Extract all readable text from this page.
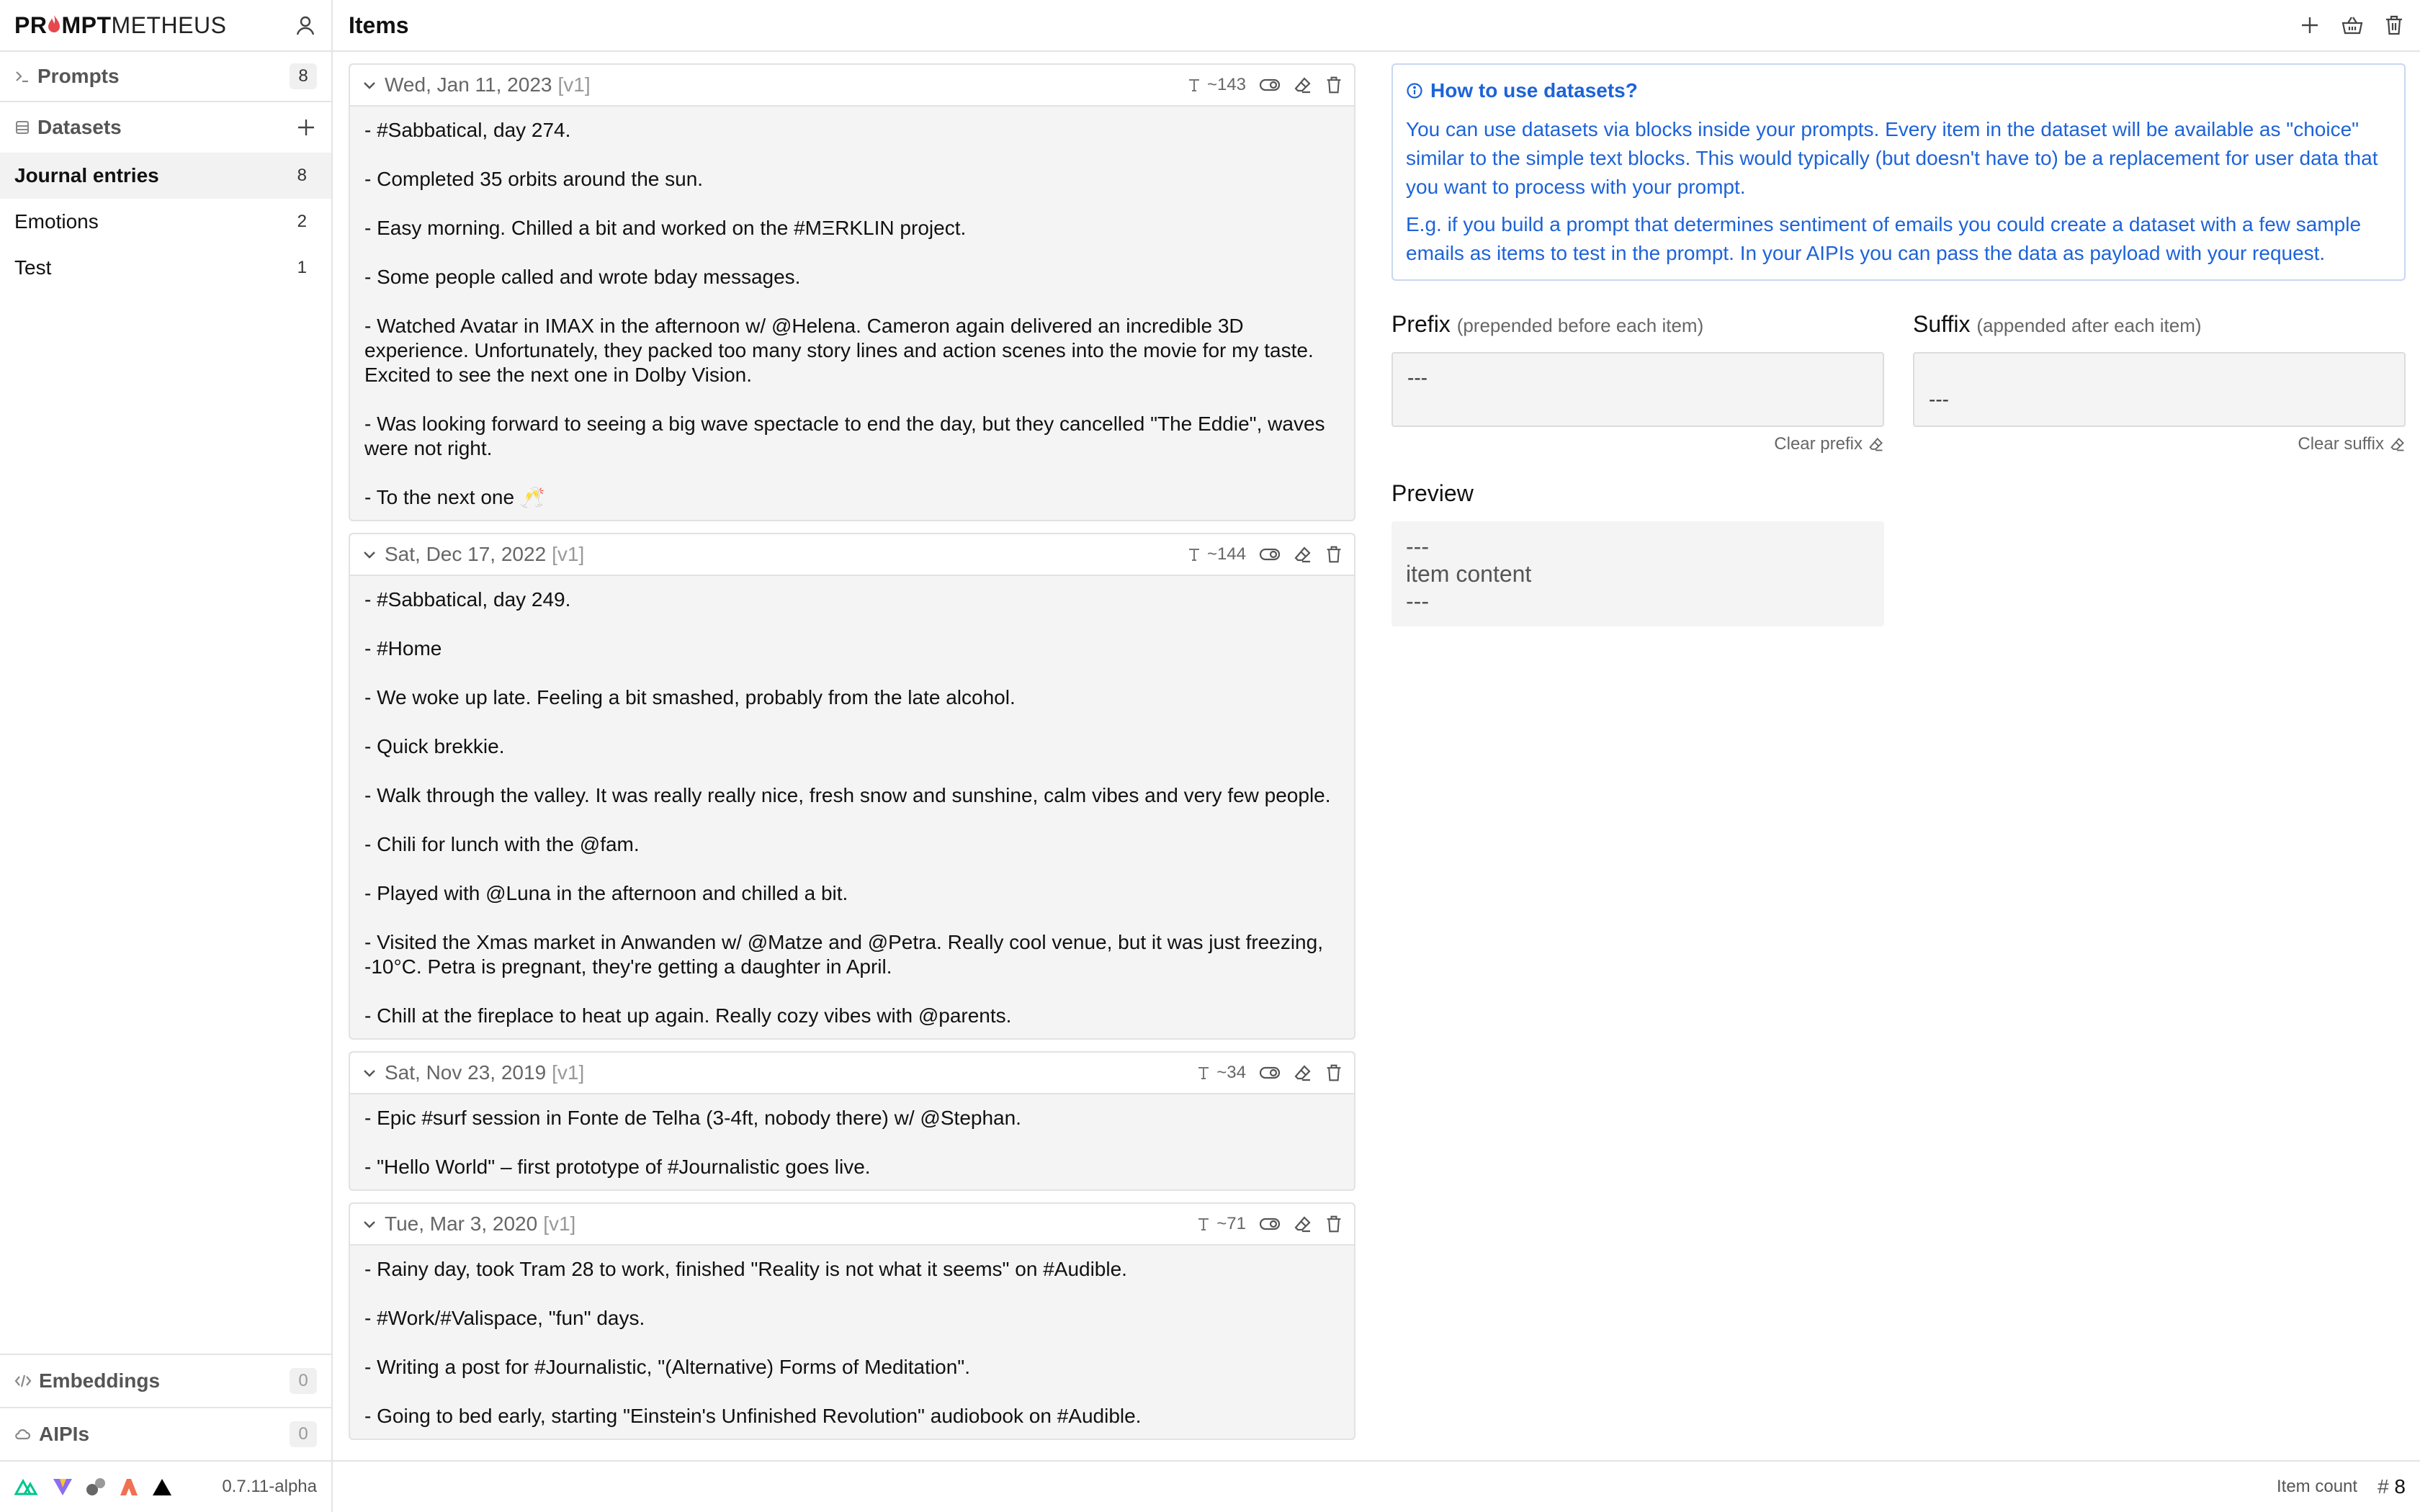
PR MPT METHEUS
Prompts	8
Datasets
Journal entries	8
Emotions	2
Test	1
Embeddings	0
AIPIs	0
Items
Wed, Jan 11, 2023 [v1]	~143

- #Sabbatical, day 274.

- Completed 35 orbits around the sun.

- Easy morning. Chilled a bit and worked on the #MΞRKLIN project.

- Some people called and wrote bday messages.

- Watched Avatar in IMAX in the afternoon w/ @Helena. Cameron again delivered an incredible 3D experience. Unfortunately, they packed too many story lines and action scenes into the movie for my taste. Excited to see the next one in Dolby Vision.

- Was looking forward to seeing a big wave spectacle to end the day, but they cancelled "The Eddie", waves were not right.

- To the next one 🥂

Sat, Dec 17, 2022 [v1]	~144

- #Sabbatical, day 249.

- #Home

- We woke up late. Feeling a bit smashed, probably from the late alcohol.

- Quick brekkie.

- Walk through the valley. It was really really nice, fresh snow and sunshine, calm vibes and very few people.

- Chili for lunch with the @fam.

- Played with @Luna in the afternoon and chilled a bit.

- Visited the Xmas market in Anwanden w/ @Matze and @Petra. Really cool venue, but it was just freezing, -10°C. Petra is pregnant, they're getting a daughter in April.

- Chill at the fireplace to heat up again. Really cozy vibes with @parents.

Sat, Nov 23, 2019 [v1]	~34

- Epic #surf session in Fonte de Telha (3-4ft, nobody there) w/ @Stephan.

- "Hello World" – first prototype of #Journalistic goes live.

Tue, Mar 3, 2020 [v1]	~71

- Rainy day, took Tram 28 to work, finished "Reality is not what it seems" on #Audible.

- #Work/#Valispace, "fun" days.

- Writing a post for #Journalistic, "(Alternative) Forms of Meditation".

- Going to bed early, starting "Einstein's Unfinished Revolution" audiobook on #Audible.

How to use datasets?

You can use datasets via blocks inside your prompts. Every item in the dataset will be available as "choice" similar to the simple text blocks. This would typically (but doesn't have to) be a replacement for user data that you want to process with your prompt.

E.g. if you build a prompt that determines sentiment of emails you could create a dataset with a few sample emails as items to test in the prompt. In your AIPIs you can pass the data as payload with your request.

Prefix (prepended before each item)
---
Clear prefix
Suffix (appended after each item)
---
Clear suffix
Preview
---
item content
---
0.7.11-alpha	Item count # 8
